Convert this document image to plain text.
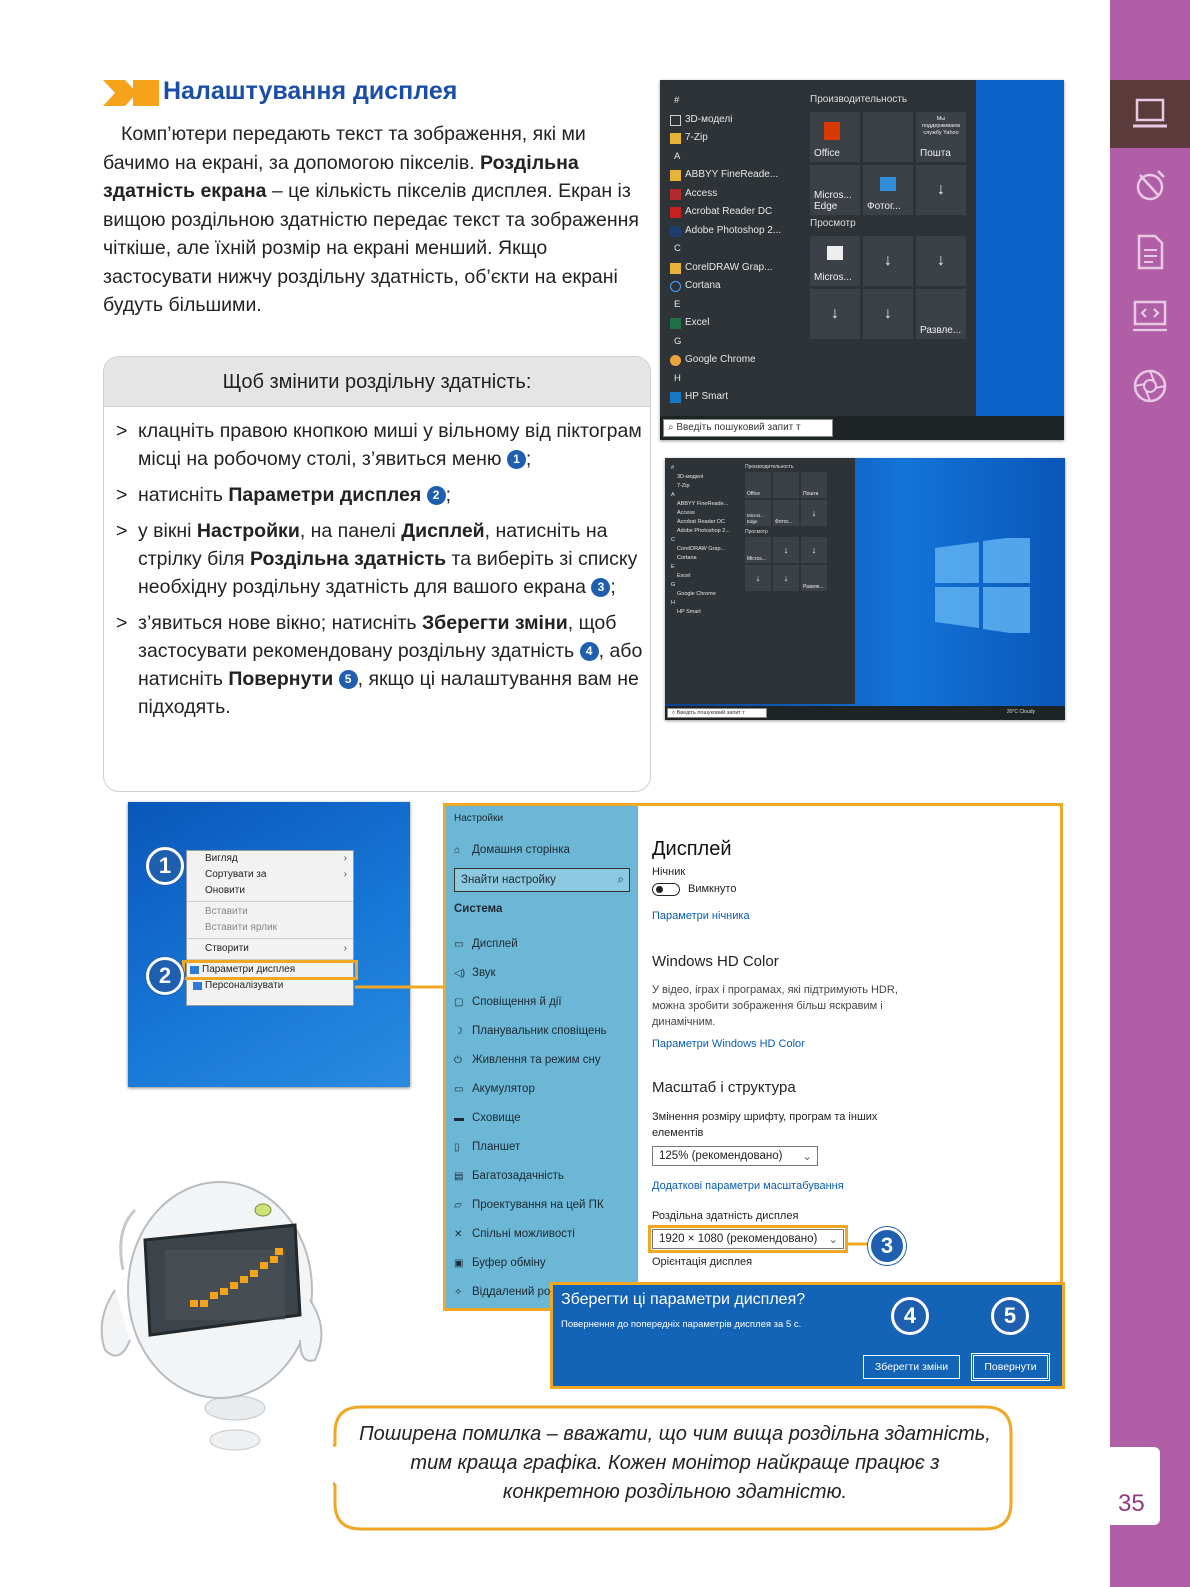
35
Налаштування дисплея
Комп’ютери передають текст та зображення, які ми бачимо на екрані, за допомогою пікселів. Роздільна здатність екрана – це кількість пікселів дисплея. Екран із вищою роздільною здатністю передає текст та зображення чіткіше, але їхній розмір на екрані менший. Якщо застосувати нижчу роздільну здатність, об’єкти на екрані будуть більшими.
Щоб змінити роздільну здатність:
> клацніть правою кнопкою миші у вільному від піктограм місці на робочому столі, з’явиться меню 1 ;
> натисніть Параметри дисплея 2 ;
> у вікні Настройки, на панелі Дисплей, натисніть на стрілку біля Роздільна здатність та виберіть зі списку необхідну роздільну здатність для вашого екрана 3 ;
> з’явиться нове вікно; натисніть Зберегти зміни, щоб застосувати рекомендовану роздільну здатність 4 , або натисніть Повернути 5 , якщо ці налаштування вам не підходять.
#
3D-моделі
7-Zip
A
ABBYY FineReade...
Access
Acrobat Reader DC
Adobe Photoshop 2...
C
CorelDRAW Grap...
Cortana
E
Excel
G
Google Chrome
H
HP Smart
Производительность
Office
Мы поддерживаем службу Yahoo
Пошта
Micros... Edge	Фотог...
↓
Просмотр
Micros...
↓	↓
↓	↓
Развле...
⌕ Введіть пошуковий запит т
#
3D-моделі
7-Zip
A
ABBYY FineReade...
Access
Acrobat Reader DC
Adobe Photoshop 2...
C
CorelDRAW Grap...
Cortana
E
Excel
G
Google Chrome
H
HP Smart
Производительность
Office	Пошта
Micros... Edge	Фотог...
↓
Просмотр
Micros...
↓	↓
↓	↓
Развле...
⌕ Введіть пошуковий запит т	20°C Cloudy
Вигляд	›
Сортувати за	›
Оновити
Вставити
Вставити ярлик
Створити	›
Параметри дисплея
Персоналізувати
1
2
Настройки
⌂ Домашня сторінка
Знайти настройку	⌕
Система
▭ Дисплей
◁) Звук
▢ Сповіщення й дії
☽ Планувальник сповіщень
⏻ Живлення та режим сну
▭ Акумулятор
▬ Сховище
▯ Планшет
▤ Багатозадачність
▱ Проектування на цей ПК
✕ Спільні можливості
▣ Буфер обміну
✧ Віддалений ро
Дисплей
Нічник
Вимкнуто
Параметри нічника
Windows HD Color
У відео, іграх і програмах, які підтримують HDR, можна зробити зображення більш яскравим і динамічним.
Параметри Windows HD Color
Масштаб і структура
Змінення розміру шрифту, програм та інших елементів
125% (рекомендовано) ⌄
Додаткові параметри масштабування
Роздільна здатність дисплея
1920 × 1080 (рекомендовано) ⌄
Орієнтація дисплея
3
Зберегти ці параметри дисплея?
Повернення до попередніх параметрів дисплея за 5 с.
Зберегти зміни	Повернути
4	5
Поширена помилка – вважати, що чим вища роздільна здатність, тим краща графіка. Кожен монітор найкраще працює з конкретною роздільною здатністю.
